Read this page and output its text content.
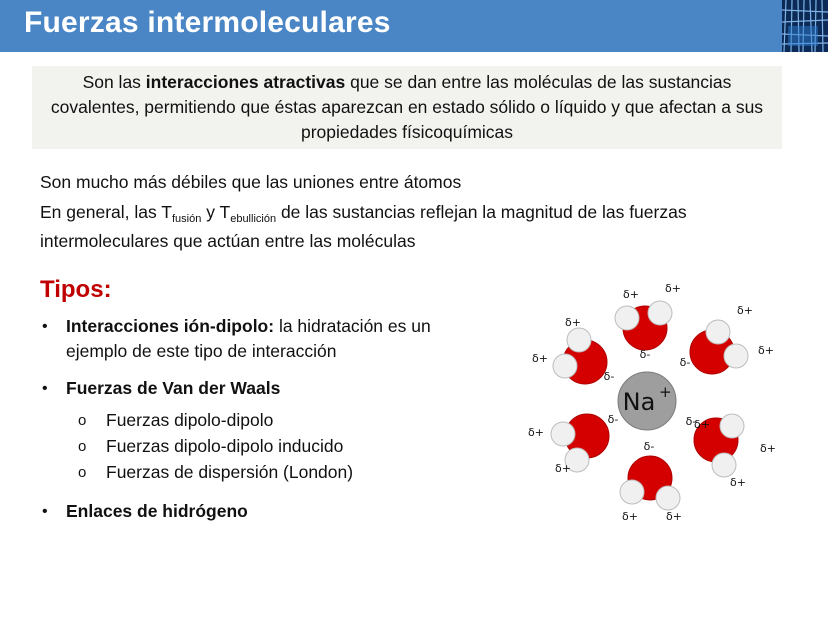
Fuerzas intermoleculares
Son las interacciones atractivas que se dan entre las moléculas de las sustancias covalentes, permitiendo que éstas aparezcan en estado sólido o líquido y que afectan a sus propiedades físicoquímicas
Son mucho más débiles que las uniones entre átomos
En general, las $T_{fusión}$ y $T_{ebullición}$ de las sustancias reflejan la magnitud de las fuerzas intermoleculares que actúan entre las moléculas
Tipos:
• Interacciones ión-dipolo: la hidratación es un
ejemplo de este tipo de interacción
• Fuerzas de Van der Waals
o Fuerzas dipolo-dipolo
o Fuerzas dipolo-dipolo inducido
o Fuerzas de dispersión (London)
• Enlaces de hidrógeno
δ-
δ-
δ-
δ-	δ-
δ-
δ+ δ+
δ+
δ+
δ+
δ+
δ+
δ+
δ+
δ+
δ+
δ+	δ+
Na +
